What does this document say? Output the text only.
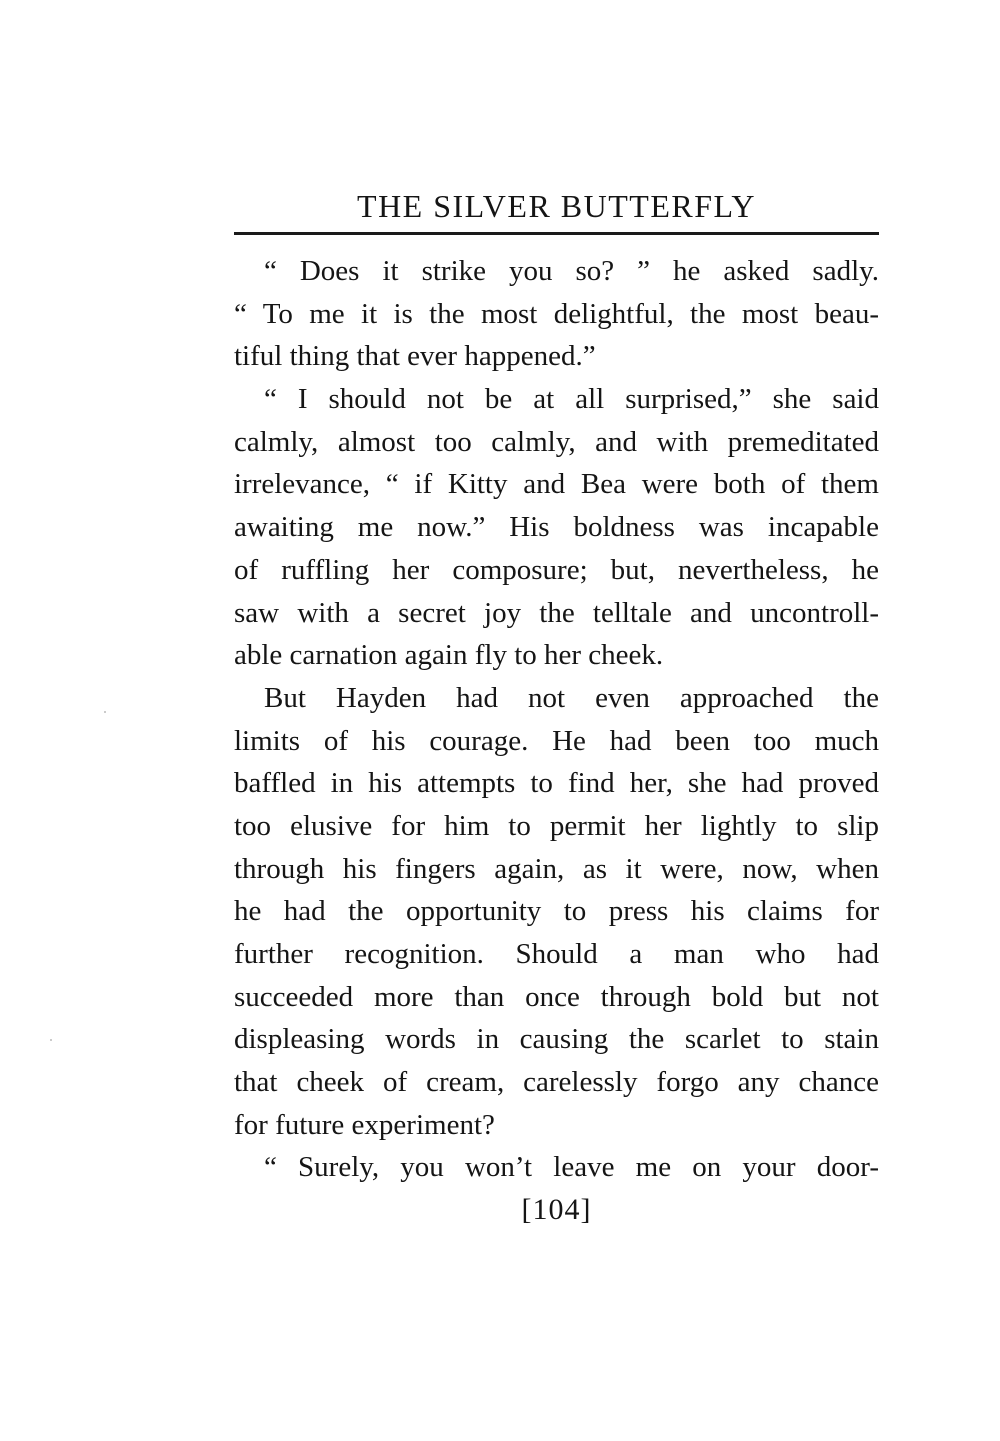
THE SILVER BUTTERFLY
“ Does it strike you so? ” he asked sadly.
“ To me it is the most delightful, the most beau-
tiful thing that ever happened.”
“ I should not be at all surprised,” she said
calmly, almost too calmly, and with premeditated
irrelevance, “ if Kitty and Bea were both of them
awaiting me now.” His boldness was incapable
of ruffling her composure; but, nevertheless, he
saw with a secret joy the telltale and uncontroll-
able carnation again fly to her cheek.
But Hayden had not even approached the
limits of his courage. He had been too much
baffled in his attempts to find her, she had proved
too elusive for him to permit her lightly to slip
through his fingers again, as it were, now, when
he had the opportunity to press his claims for
further recognition. Should a man who had
succeeded more than once through bold but not
displeasing words in causing the scarlet to stain
that cheek of cream, carelessly forgo any chance
for future experiment?
“ Surely, you won’t leave me on your door-
[104]
